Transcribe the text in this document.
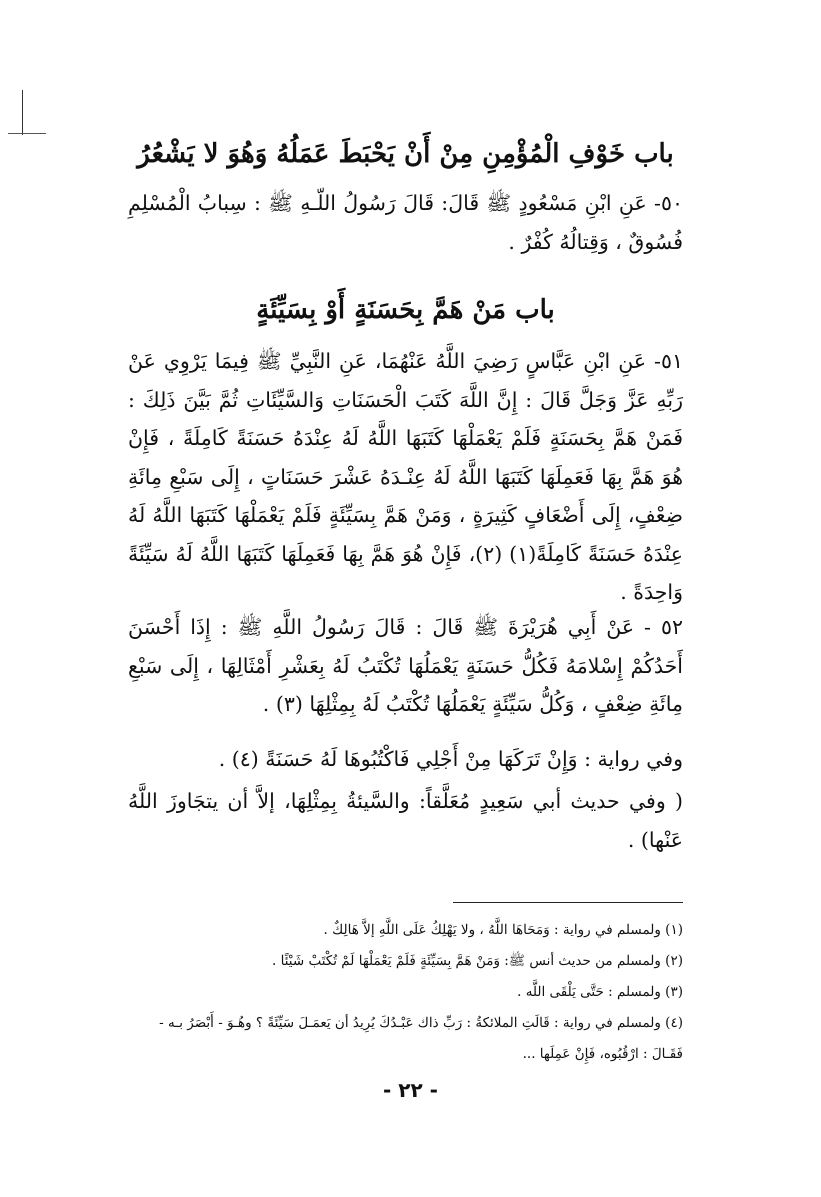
باب خَوْفِ الْمُؤْمِنِ مِنْ أَنْ يَحْبَطَ عَمَلُهُ وَهُوَ لا يَشْعُرُ

٥٠- عَنِ ابْنِ مَسْعُودٍ ﷺ قَالَ: قَالَ رَسُولُ اللّـهِ ﷺ : سِبابُ الْمُسْلِمِ فُسُوقٌ ، وَقِتالُهُ كُفْرٌ .

باب مَنْ هَمَّ بِحَسَنَةٍ أَوْ بِسَيِّئَةٍ

٥١- عَنِ ابْنِ عَبَّاسٍ رَضِيَ اللَّهُ عَنْهُمَا، عَنِ النَّبِيِّ ﷺ فِيمَا يَرْوِي عَنْ رَبِّهِ عَزَّ وَجَلَّ قَالَ : إِنَّ اللَّهَ كَتَبَ الْحَسَنَاتِ وَالسَّيِّئَاتِ ثُمَّ بَيَّنَ ذَلِكَ : فَمَنْ هَمَّ بِحَسَنَةٍ فَلَمْ يَعْمَلْهَا كَتَبَهَا اللَّهُ لَهُ عِنْدَهُ حَسَنَةً كَامِلَةً ، فَإِنْ هُوَ هَمَّ بِهَا فَعَمِلَهَا كَتَبَهَا اللَّهُ لَهُ عِنْـدَهُ عَشْرَ حَسَنَاتٍ ، إِلَى سَبْعِ مِائَةِ ضِعْفٍ، إِلَى أَضْعَافٍ كَثِيرَةٍ ، وَمَنْ هَمَّ بِسَيِّئَةٍ فَلَمْ يَعْمَلْهَا كَتَبَهَا اللَّهُ لَهُ عِنْدَهُ حَسَنَةً كَامِلَةً(١) (٢)، فَإِنْ هُوَ هَمَّ بِهَا فَعَمِلَهَا كَتَبَهَا اللَّهُ لَهُ سَيِّئَةً وَاحِدَةً .

٥٢ - عَنْ أَبِي هُرَيْرَةَ ﷺ قَالَ : قَالَ رَسُولُ اللَّهِ ﷺ : إِذَا أَحْسَنَ أَحَدُكُمْ إِسْلامَهُ فَكُلُّ حَسَنَةٍ يَعْمَلُهَا تُكْتَبُ لَهُ بِعَشْرِ أَمْثَالِهَا ، إِلَى سَبْعِ مِائَةِ ضِعْفٍ ، وَكُلُّ سَيِّئَةٍ يَعْمَلُهَا تُكْتَبُ لَهُ بِمِثْلِهَا (٣) .

وفي رواية : وَإِنْ تَرَكَهَا مِنْ أَجْلِي فَاكْتُبُوهَا لَهُ حَسَنَةً (٤) .

( وفي حديث أبي سَعِيدٍ مُعَلَّقاً: والسَّيئةُ بِمِثْلِهَا، إلاَّ أن يتجَاوزَ اللَّهُ عَنْها) .

(١) ولمسلم في رواية : وَمَحَاهَا اللَّهُ ، ولا يَهْلِكُ عَلَى اللَّهِ إلاَّ هَالِكٌ .

(٢) ولمسلم من حديث أنس ﷺ: وَمَنْ هَمَّ بِسَيِّئَةٍ فَلَمْ يَعْمَلْهَا لَمْ تُكْتَبْ شَيْئًا .

(٣) ولمسلم : حَتَّى يَلْقَى اللَّه .

(٤) ولمسلم في رواية : قَالَتِ الملائكةُ : رَبِّ ذاك عَبْـدُكَ يُرِيدُ أن يَعمَـلَ سَيِّئَةً ؟ وهُـوَ - أَبْصَرُ بـه - فَقَـالَ : ارْقُبُوه، فَإِنْ عَمِلَها ...

- ٢٢ -
